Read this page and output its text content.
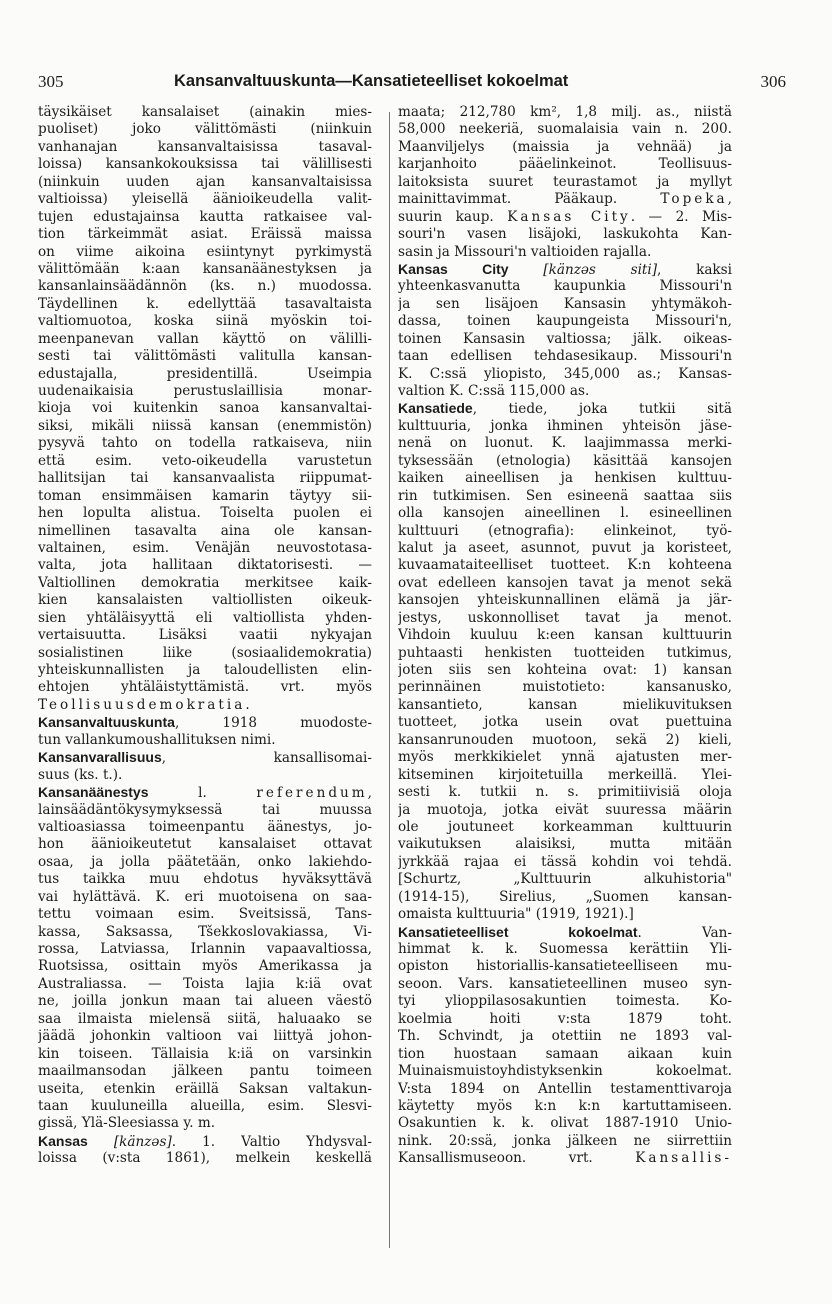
305	Kansanvaltuuskunta—Kansatieteelliset kokoelmat	306
täysikäiset kansalaiset (ainakin mies-
puoliset) joko välittömästi (niinkuin
vanhanajan kansanvaltaisissa tasaval-
loissa) kansankokouksissa tai välillisesti
(niinkuin uuden ajan kansanvaltaisissa
valtioissa) yleisellä äänioikeudella valit-
tujen edustajainsa kautta ratkaisee val-
tion tärkeimmät asiat. Eräissä maissa
on viime aikoina esiintynyt pyrkimystä
välittömään k:aan kansanäänestyksen ja
kansanlainsäädännön (ks. n.) muodossa.
Täydellinen k. edellyttää tasavaltaista
valtiomuotoa, koska siinä myöskin toi-
meenpanevan vallan käyttö on välilli-
sesti tai välittömästi valitulla kansan-
edustajalla, presidentillä. Useimpia
uudenaikaisia perustuslaillisia monar-
kioja voi kuitenkin sanoa kansanvaltai-
siksi, mikäli niissä kansan (enemmistön)
pysyvä tahto on todella ratkaiseva, niin
että esim. veto-oikeudella varustetun
hallitsijan tai kansanvaalista riippumat-
toman ensimmäisen kamarin täytyy sii-
hen lopulta alistua. Toiselta puolen ei
nimellinen tasavalta aina ole kansan-
valtainen, esim. Venäjän neuvostotasa-
valta, jota hallitaan diktatorisesti. —
Valtiollinen demokratia merkitsee kaik-
kien kansalaisten valtiollisten oikeuk-
sien yhtäläisyyttä eli valtiollista yhden-
vertaisuutta. Lisäksi vaatii nykyajan
sosialistinen liike (sosiaalidemokratia)
yhteiskunnallisten ja taloudellisten elin-
ehtojen yhtäläistyttämistä. vrt. myös
Teollisuusdemokratia.
Kansanvaltuuskunta, 1918 muodoste-
tun vallankumoushallituksen nimi.
Kansanvarallisuus, kansallisomai-
suus (ks. t.).
Kansanäänestys l. referendum,
lainsäädäntökysymyksessä tai muussa
valtioasiassa toimeenpantu äänestys, jo-
hon äänioikeutetut kansalaiset ottavat
osaa, ja jolla päätetään, onko lakiehdo-
tus taikka muu ehdotus hyväksyttävä
vai hylättävä. K. eri muotoisena on saa-
tettu voimaan esim. Sveitsissä, Tans-
kassa, Saksassa, Tšekkoslovakiassa, Vi-
rossa, Latviassa, Irlannin vapaavaltiossa,
Ruotsissa, osittain myös Amerikassa ja
Australiassa. — Toista lajia k:iä ovat
ne, joilla jonkun maan tai alueen väestö
saa ilmaista mielensä siitä, haluaako se
jäädä johonkin valtioon vai liittyä johon-
kin toiseen. Tällaisia k:iä on varsinkin
maailmansodan jälkeen pantu toimeen
useita, etenkin eräillä Saksan valtakun-
taan kuuluneilla alueilla, esim. Slesvi-
gissä, Ylä-Sleesiassa y. m.
Kansas [känzəs]. 1. Valtio Yhdysval-
loissa (v:sta 1861), melkein keskellä
maata; 212,780 km², 1,8 milj. as., niistä
58,000 neekeriä, suomalaisia vain n. 200.
Maanviljelys (maissia ja vehnää) ja
karjanhoito pääelinkeinot. Teollisuus-
laitoksista suuret teurastamot ja myllyt
mainittavimmat. Pääkaup. Topeka,
suurin kaup. Kansas City. — 2. Mis-
souri'n vasen lisäjoki, laskukohta Kan-
sasin ja Missouri'n valtioiden rajalla.
Kansas City	[känzəs siti], kaksi
yhteenkasvanutta kaupunkia Missouri'n
ja sen lisäjoen Kansasin yhtymäkoh-
dassa, toinen kaupungeista Missouri'n,
toinen Kansasin valtiossa; jälk. oikeas-
taan edellisen tehdasesikaup. Missouri'n
K. C:ssä yliopisto, 345,000 as.; Kansas-
valtion K. C:ssä 115,000 as.
Kansatiede, tiede, joka tutkii sitä
kulttuuria, jonka ihminen yhteisön jäse-
nenä on luonut. K. laajimmassa merki-
tyksessään (etnologia) käsittää kansojen
kaiken aineellisen ja henkisen kulttuu-
rin tutkimisen. Sen esineenä saattaa siis
olla kansojen aineellinen l. esineellinen
kulttuuri (etnografia): elinkeinot, työ-
kalut ja aseet, asunnot, puvut ja koristeet,
kuvaamataiteelliset tuotteet. K:n kohteena
ovat edelleen kansojen tavat ja menot sekä
kansojen yhteiskunnallinen elämä ja jär-
jestys, uskonnolliset tavat ja menot.
Vihdoin kuuluu k:een kansan kulttuurin
puhtaasti henkisten tuotteiden tutkimus,
joten siis sen kohteina ovat: 1) kansan
perinnäinen muistotieto: kansanusko,
kansantieto, kansan mielikuvituksen
tuotteet, jotka usein ovat puettuina
kansanrunouden muotoon, sekä 2) kieli,
myös merkkikielet ynnä ajatusten mer-
kitseminen kirjoitetuilla merkeillä. Ylei-
sesti k. tutkii n. s. primitiivisiä oloja
ja muotoja, jotka eivät suuressa määrin
ole joutuneet korkeamman kulttuurin
vaikutuksen alaisiksi, mutta mitään
jyrkkää rajaa ei tässä kohdin voi tehdä.
[Schurtz, „Kulttuurin alkuhistoria"
(1914-15), Sirelius, „Suomen kansan-
omaista kulttuuria" (1919, 1921).]
Kansatieteelliset kokoelmat. Van-
himmat k. k. Suomessa kerättiin Yli-
opiston historiallis-kansatieteelliseen mu-
seoon. Vars. kansatieteellinen museo syn-
tyi ylioppilasosakuntien toimesta. Ko-
koelmia hoiti v:sta 1879 toht.
Th. Schvindt, ja otettiin ne 1893 val-
tion huostaan samaan aikaan kuin
Muinaismuistoyhdistyksenkin kokoelmat.
V:sta 1894 on Antellin testamenttivaroja
käytetty myös k:n k:n kartuttamiseen.
Osakuntien k. k. olivat 1887-1910 Unio-
nink. 20:ssä, jonka jälkeen ne siirrettiin
Kansallismuseoon. vrt. Kansallis-
